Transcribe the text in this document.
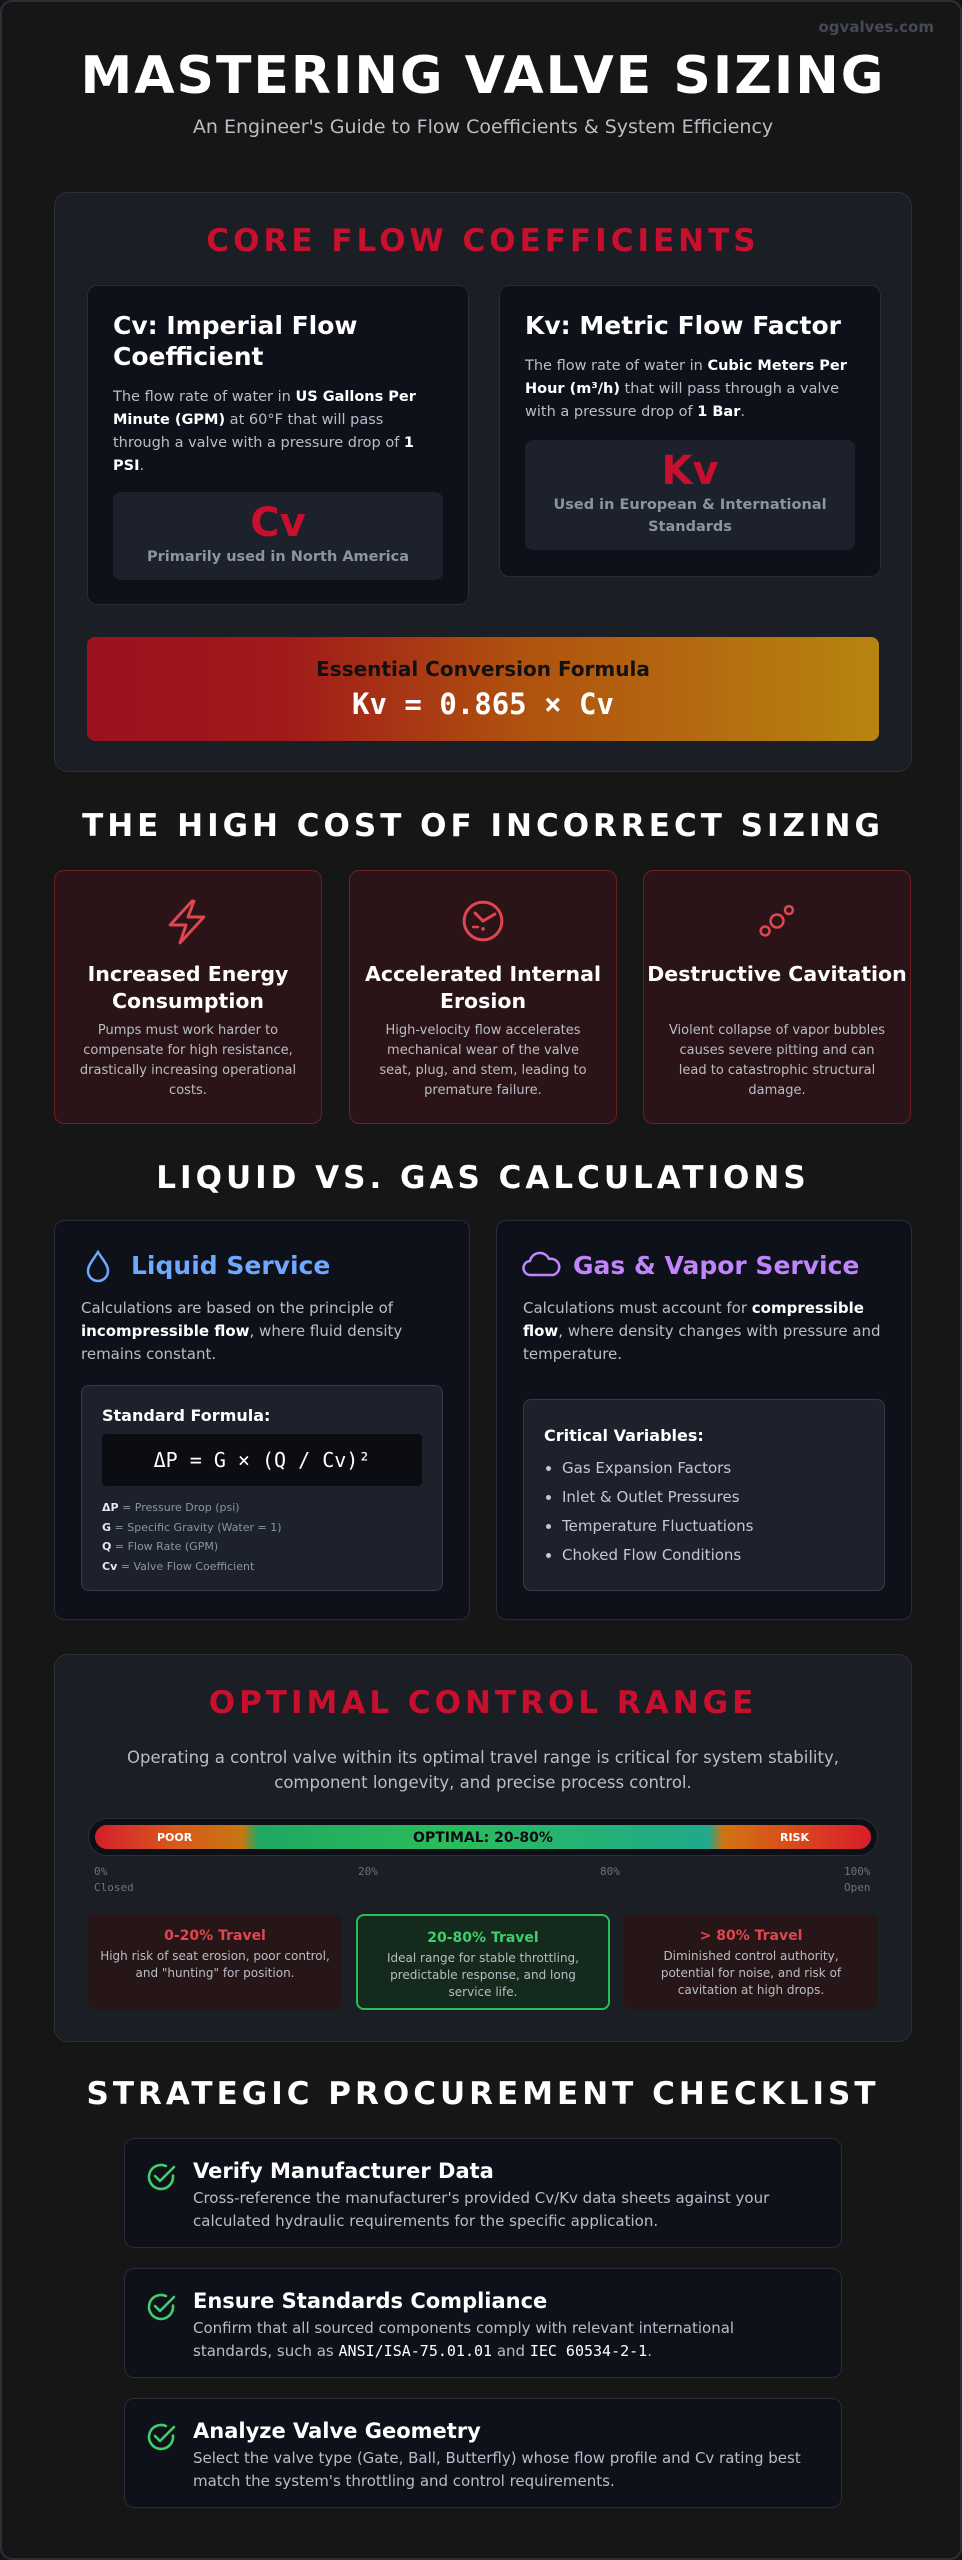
ogvalves.com
MASTERING VALVE SIZING
An Engineer's Guide to Flow Coefficients & System Efficiency
CORE FLOW COEFFICIENTS
Cv: Imperial Flow Coefficient

The flow rate of water in US Gallons Per Minute (GPM) at 60°F that will pass through a valve with a pressure drop of 1 PSI.

Cv
Primarily used in North America
Kv: Metric Flow Factor

The flow rate of water in Cubic Meters Per Hour (m³/h) that will pass through a valve with a pressure drop of 1 Bar.

Kv
Used in European & International Standards
Essential Conversion Formula
Kv = 0.865 × Cv
THE HIGH COST OF INCORRECT SIZING
Increased Energy Consumption

Pumps must work harder to compensate for high resistance, drastically increasing operational costs.

Accelerated Internal Erosion

High-velocity flow accelerates mechanical wear of the valve seat, plug, and stem, leading to premature failure.

Destructive Cavitation

Violent collapse of vapor bubbles causes severe pitting and can lead to catastrophic structural damage.

LIQUID VS. GAS CALCULATIONS
Liquid Service
Calculations are based on the principle of incompressible flow, where fluid density remains constant.
Standard Formula:
ΔP = G × (Q / Cv)²
ΔP = Pressure Drop (psi)
G = Specific Gravity (Water = 1)
Q = Flow Rate (GPM)
Cv = Valve Flow Coefficient
Gas & Vapor Service
Calculations must account for compressible flow, where density changes with pressure and temperature.
Critical Variables:
• Gas Expansion Factors
• Inlet & Outlet Pressures
• Temperature Fluctuations
• Choked Flow Conditions
OPTIMAL CONTROL RANGE
Operating a control valve within its optimal travel range is critical for system stability, component longevity, and precise process control.
POOR	OPTIMAL: 20-80%	RISK
0%
Closed
20%	80%	100%
Open
0-20% Travel
High risk of seat erosion, poor control, and "hunting" for position.
20-80% Travel
Ideal range for stable throttling, predictable response, and long service life.
> 80% Travel
Diminished control authority, potential for noise, and risk of cavitation at high drops.
STRATEGIC PROCUREMENT CHECKLIST
Verify Manufacturer Data
Cross-reference the manufacturer's provided Cv/Kv data sheets against your calculated hydraulic requirements for the specific application.
Ensure Standards Compliance
Confirm that all sourced components comply with relevant international standards, such as ANSI/ISA-75.01.01 and IEC 60534-2-1.
Analyze Valve Geometry
Select the valve type (Gate, Ball, Butterfly) whose flow profile and Cv rating best match the system's throttling and control requirements.
